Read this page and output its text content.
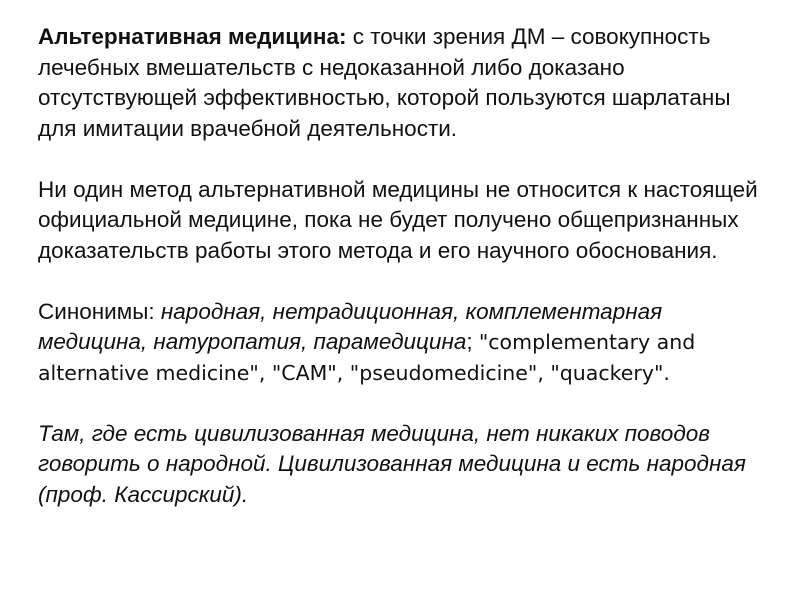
Альтернативная медицина: с точки зрения ДМ – совокупность лечебных вмешательств с недоказанной либо доказано отсутствующей эффективностью, которой пользуются шарлатаны для имитации врачебной деятельности.

Ни один метод альтернативной медицины не относится к настоящей официальной медицине, пока не будет получено общепризнанных доказательств работы этого метода и его научного обоснования.

Синонимы: народная, нетрадиционная, комплементарная медицина, натуропатия, парамедицина; "complementary and alternative medicine", "CAM", "pseudomedicine", "quackery".

Там, где есть цивилизованная медицина, нет никаких поводов говорить о народной. Цивилизованная медицина и есть народная (проф. Кассирский).
